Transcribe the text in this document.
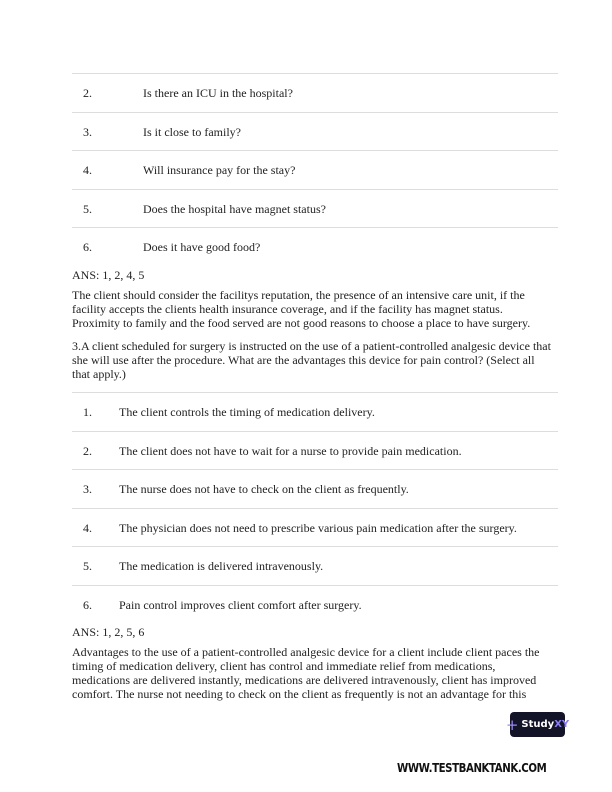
2.	Is there an ICU in the hospital?
3.	Is it close to family?
4.	Will insurance pay for the stay?
5.	Does the hospital have magnet status?
6.	Does it have good food?

ANS: 1, 2, 4, 5

The client should consider the facilitys reputation, the presence of an intensive care unit, if the facility accepts the clients health insurance coverage, and if the facility has magnet status. Proximity to family and the food served are not good reasons to choose a place to have surgery.

3.A client scheduled for surgery is instructed on the use of a patient-controlled analgesic device that she will use after the procedure. What are the advantages this device for pain control? (Select all that apply.)

1. The client controls the timing of medication delivery.
2. The client does not have to wait for a nurse to provide pain medication.
3. The nurse does not have to check on the client as frequently.
4. The physician does not need to prescribe various pain medication after the surgery.
5. The medication is delivered intravenously.
6. Pain control improves client comfort after surgery.

ANS: 1, 2, 5, 6

Advantages to the use of a patient-controlled analgesic device for a client include client paces the timing of medication delivery, client has control and immediate relief from medications, medications are delivered instantly, medications are delivered intravenously, client has improved comfort. The nurse not needing to check on the client as frequently is not an advantage for this

+ StudyXY
WWW.TESTBANKTANK.COM
